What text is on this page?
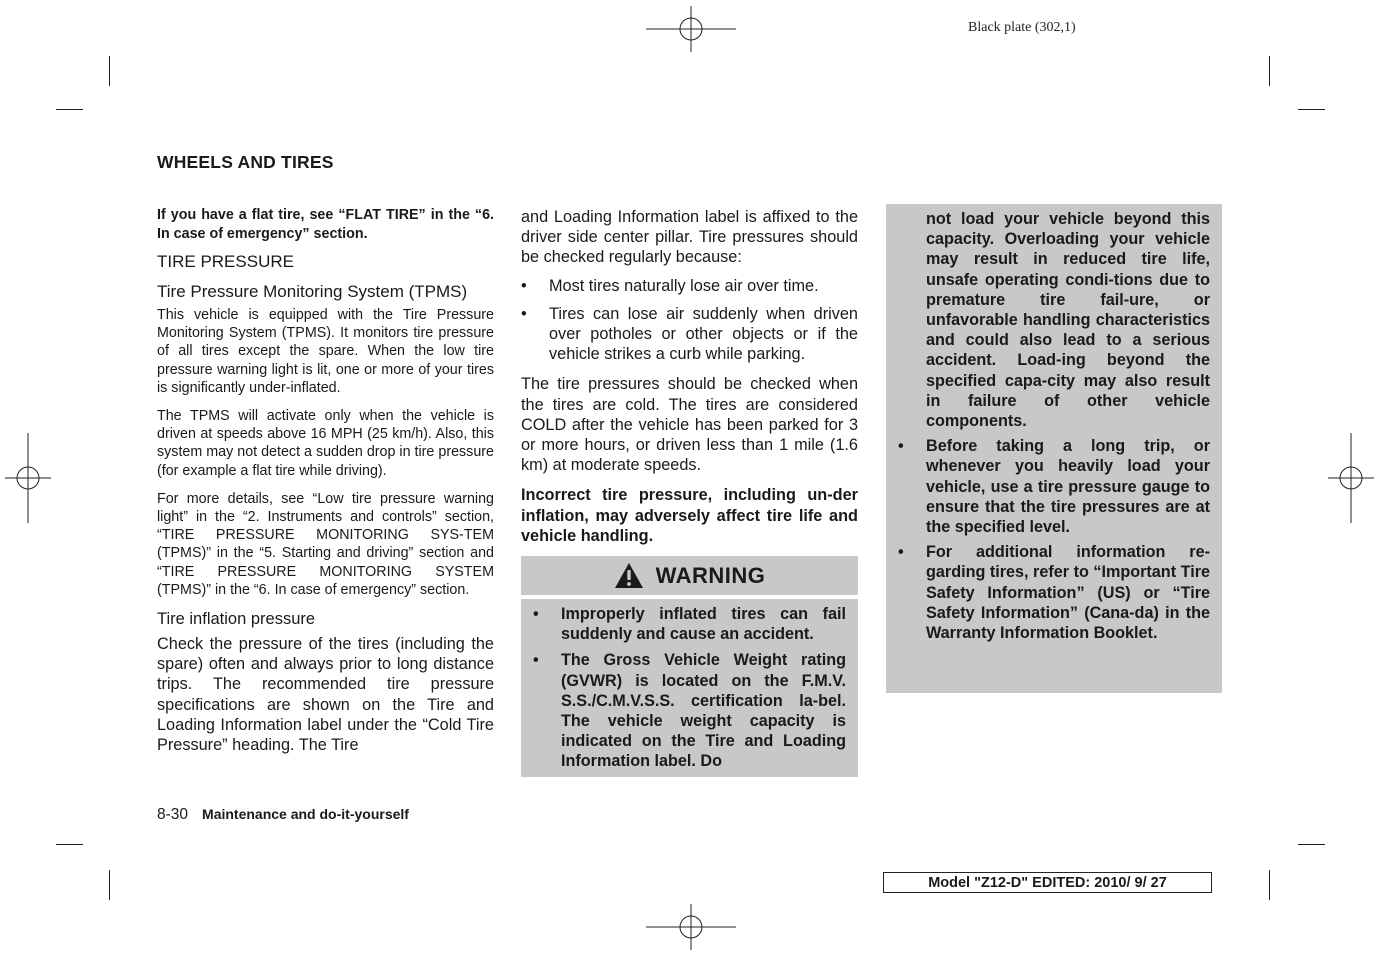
Black plate (302,1)
WHEELS AND TIRES

If you have a flat tire, see “FLAT TIRE” in the “6. In case of emergency” section.

TIRE PRESSURE
Tire Pressure Monitoring System (TPMS)

This vehicle is equipped with the Tire Pressure Monitoring System (TPMS). It monitors tire pressure of all tires except the spare. When the low tire pressure warning light is lit, one or more of your tires is significantly under-inflated.

The TPMS will activate only when the vehicle is driven at speeds above 16 MPH (25 km/h). Also, this system may not detect a sudden drop in tire pressure (for example a flat tire while driving).

For more details, see “Low tire pressure warning light” in the “2. Instruments and controls” section, “TIRE PRESSURE MONITORING SYS-TEM (TPMS)” in the “5. Starting and driving” section and “TIRE PRESSURE MONITORING SYSTEM (TPMS)” in the “6. In case of emergency” section.

Tire inflation pressure

Check the pressure of the tires (including the spare) often and always prior to long distance trips. The recommended tire pressure specifications are shown on the Tire and Loading Information label under the “Cold Tire Pressure” heading. The Tire

and Loading Information label is affixed to the driver side center pillar. Tire pressures should be checked regularly because:

• Most tires naturally lose air over time.
• Tires can lose air suddenly when driven over potholes or other objects or if the vehicle strikes a curb while parking.

The tire pressures should be checked when the tires are cold. The tires are considered COLD after the vehicle has been parked for 3 or more hours, or driven less than 1 mile (1.6 km) at moderate speeds.

Incorrect tire pressure, including un-der inflation, may adversely affect tire life and vehicle handling.

WARNING
• Improperly inflated tires can fail suddenly and cause an accident.
• The Gross Vehicle Weight rating (GVWR) is located on the F.M.V. S.S./C.M.V.S.S. certification la-bel. The vehicle weight capacity is indicated on the Tire and Loading Information label. Do

not load your vehicle beyond this capacity. Overloading your vehicle may result in reduced tire life, unsafe operating condi-tions due to premature tire fail-ure, or unfavorable handling characteristics and could also lead to a serious accident. Load-ing beyond the specified capa-city may also result in failure of other vehicle components.

• Before taking a long trip, or whenever you heavily load your vehicle, use a tire pressure gauge to ensure that the tire pressures are at the specified level.
• For additional information re-garding tires, refer to “Important Tire Safety Information” (US) or “Tire Safety Information” (Cana-da) in the Warranty Information Booklet.
8-30 Maintenance and do-it-yourself
Model "Z12-D" EDITED: 2010/ 9/ 27
